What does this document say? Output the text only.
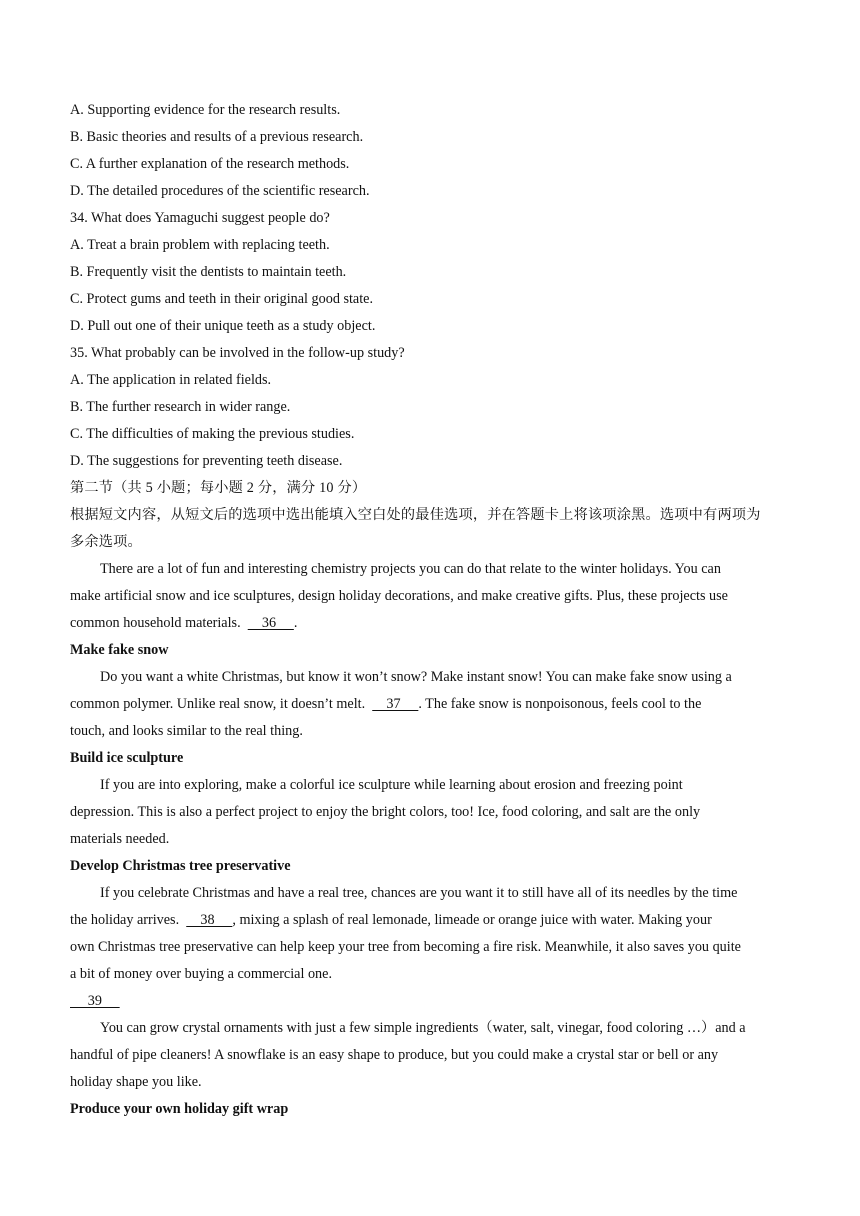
A. Supporting evidence for the research results.
B. Basic theories and results of a previous research.
C. A further explanation of the research methods.
D. The detailed procedures of the scientific research.
34. What does Yamaguchi suggest people do?
A. Treat a brain problem with replacing teeth.
B. Frequently visit the dentists to maintain teeth.
C. Protect gums and teeth in their original good state.
D. Pull out one of their unique teeth as a study object.
35. What probably can be involved in the follow-up study?
A. The application in related fields.
B. The further research in wider range.
C. The difficulties of making the previous studies.
D. The suggestions for preventing teeth disease.
第二节（共 5 小题；每小题 2 分，满分 10 分）
根据短文内容，从短文后的选项中选出能填入空白处的最佳选项，并在答题卡上将该项涂黑。选项中有两项为
多余选项。
There are a lot of fun and interesting chemistry projects you can do that relate to the winter holidays. You can
make artificial snow and ice sculptures, design holiday decorations, and make creative gifts. Plus, these projects use
common household materials.      36     .
Make fake snow
Do you want a white Christmas, but know it won’t snow? Make instant snow! You can make fake snow using a
common polymer. Unlike real snow, it doesn’t melt.      37     . The fake snow is nonpoisonous, feels cool to the
touch, and looks similar to the real thing.
Build ice sculpture
If you are into exploring, make a colorful ice sculpture while learning about erosion and freezing point
depression. This is also a perfect project to enjoy the bright colors, too! Ice, food coloring, and salt are the only
materials needed.
Develop Christmas tree preservative
If you celebrate Christmas and have a real tree, chances are you want it to still have all of its needles by the time
the holiday arrives.      38     , mixing a splash of real lemonade, limeade or orange juice with water. Making your
own Christmas tree preservative can help keep your tree from becoming a fire risk. Meanwhile, it also saves you quite
a bit of money over buying a commercial one.
39
You can grow crystal ornaments with just a few simple ingredients（water, salt, vinegar, food coloring …）and a
handful of pipe cleaners! A snowflake is an easy shape to produce, but you could make a crystal star or bell or any
holiday shape you like.
Produce your own holiday gift wrap
